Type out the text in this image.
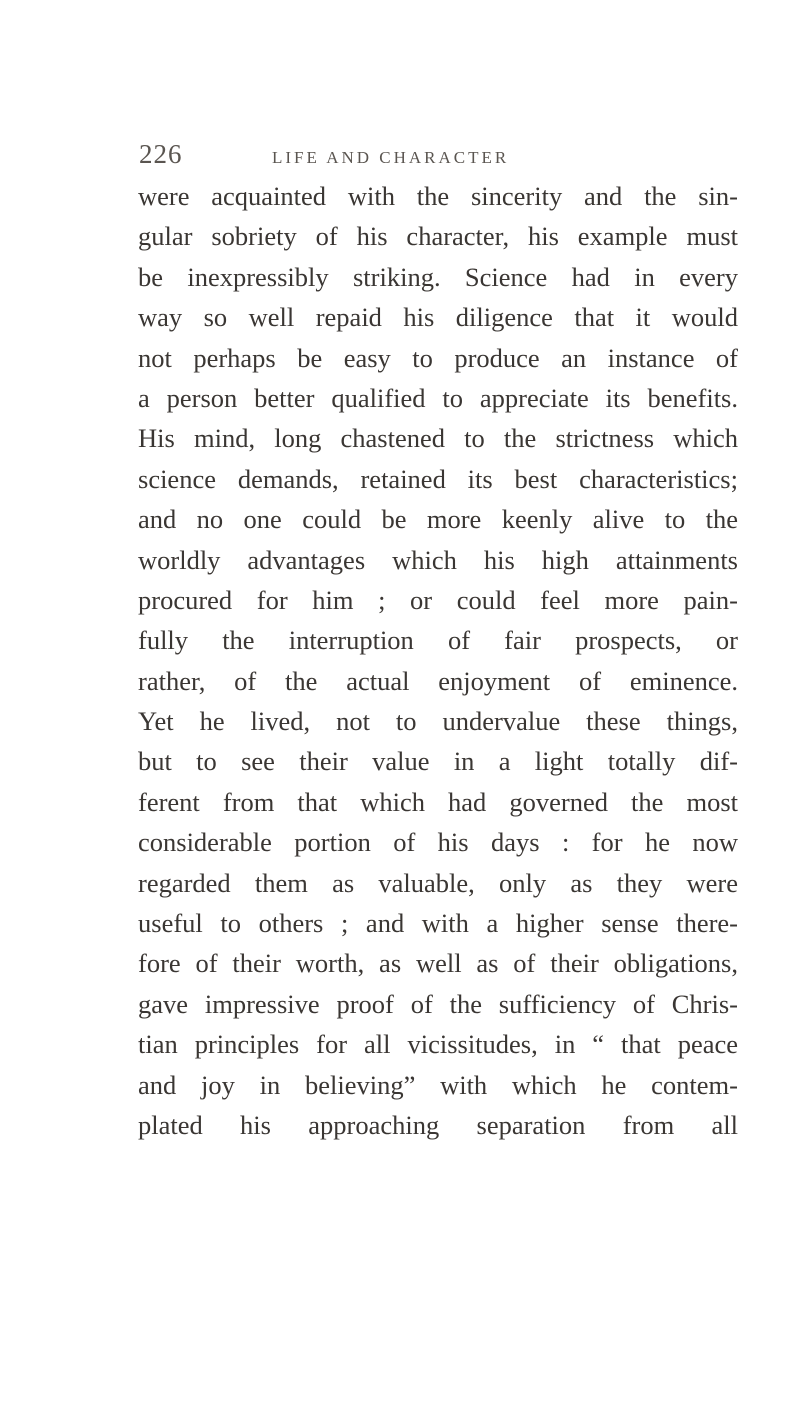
226	LIFE AND CHARACTER
were acquainted with the sincerity and the sin-
gular sobriety of his character, his example must
be inexpressibly striking. Science had in every
way so well repaid his diligence that it would
not perhaps be easy to produce an instance of
a person better qualified to appreciate its benefits.
His mind, long chastened to the strictness which
science demands, retained its best characteristics;
and no one could be more keenly alive to the
worldly advantages which his high attainments
procured for him ; or could feel more pain-
fully the interruption of fair prospects, or
rather, of the actual enjoyment of eminence.
Yet he lived, not to undervalue these things,
but to see their value in a light totally dif-
ferent from that which had governed the most
considerable portion of his days : for he now
regarded them as valuable, only as they were
useful to others ; and with a higher sense there-
fore of their worth, as well as of their obligations,
gave impressive proof of the sufficiency of Chris-
tian principles for all vicissitudes, in “ that peace
and joy in believing” with which he contem-
plated his approaching separation from all
